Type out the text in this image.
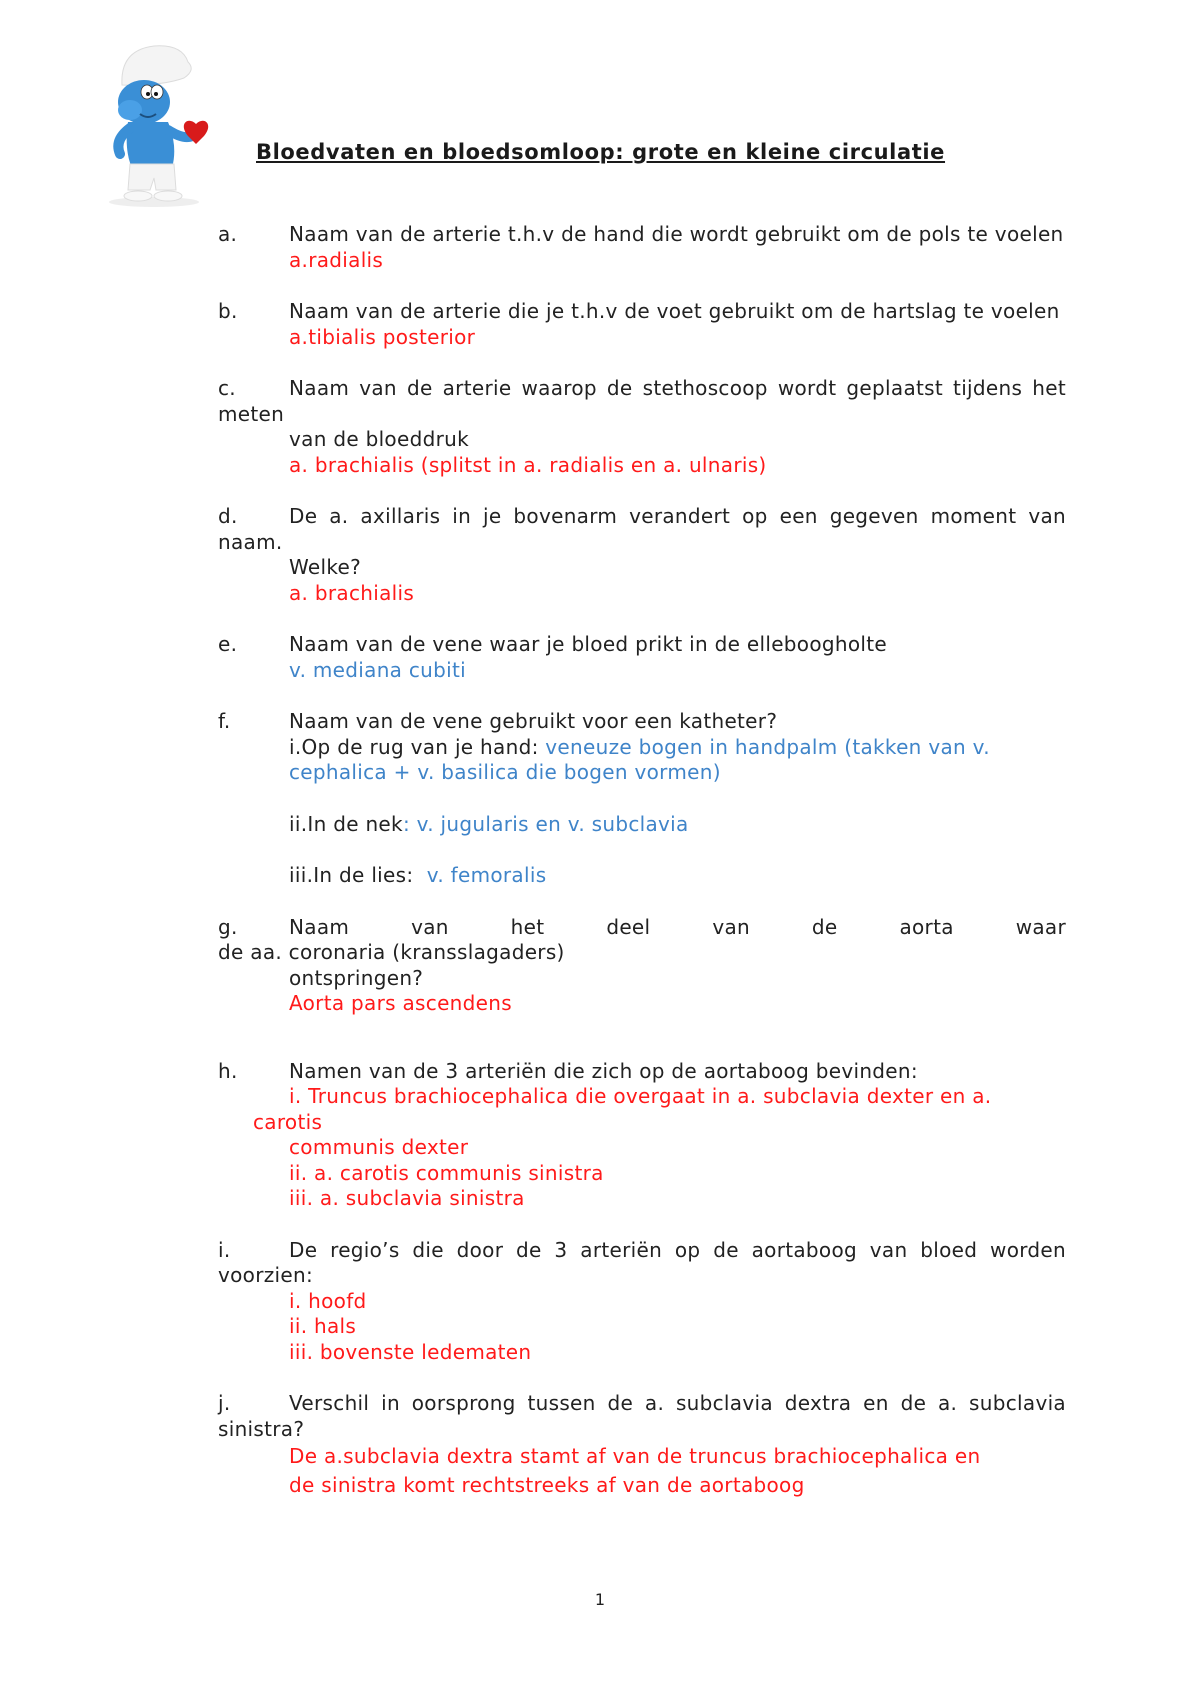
Bloedvaten en bloedsomloop: grote en kleine circulatie
a.	Naam van de arterie t.h.v de hand die wordt gebruikt om de pols te voelen
a.radialis
b.	Naam van de arterie die je t.h.v de voet gebruikt om de hartslag te voelen
a.tibialis posterior
c.	Naam van de arterie waarop de stethoscoop wordt geplaatst tijdens het meten
van de bloeddruk
a. brachialis (splitst in a. radialis en a. ulnaris)
d.	De a. axillaris in je bovenarm verandert op een gegeven moment van naam.
Welke?
a. brachialis
e.	Naam van de vene waar je bloed prikt in de elleboogholte
v. mediana cubiti
f.	Naam van de vene gebruikt voor een katheter?
i.Op de rug van je hand: veneuze bogen in handpalm (takken van v. cephalica + v. basilica die bogen vormen)
ii.In de nek: v. jugularis en v. subclavia
iii.In de lies: v. femoralis
g.	Naam van het deel van de aorta waar
de aa. coronaria (kransslagaders)
ontspringen?
Aorta pars ascendens
h.	Namen van de 3 arteriën die zich op de aortaboog bevinden:
i. Truncus brachiocephalica die overgaat in a. subclavia dexter en a.
carotis
communis dexter
ii. a. carotis communis sinistra
iii. a. subclavia sinistra
i.	De regio’s die door de 3 arteriën op de aortaboog van bloed worden voorzien:
i. hoofd
ii. hals
iii. bovenste ledematen
j.	Verschil in oorsprong tussen de a. subclavia dextra en de a. subclavia sinistra?
De a.subclavia dextra stamt af van de truncus brachiocephalica en
de sinistra komt rechtstreeks af van de aortaboog
1
